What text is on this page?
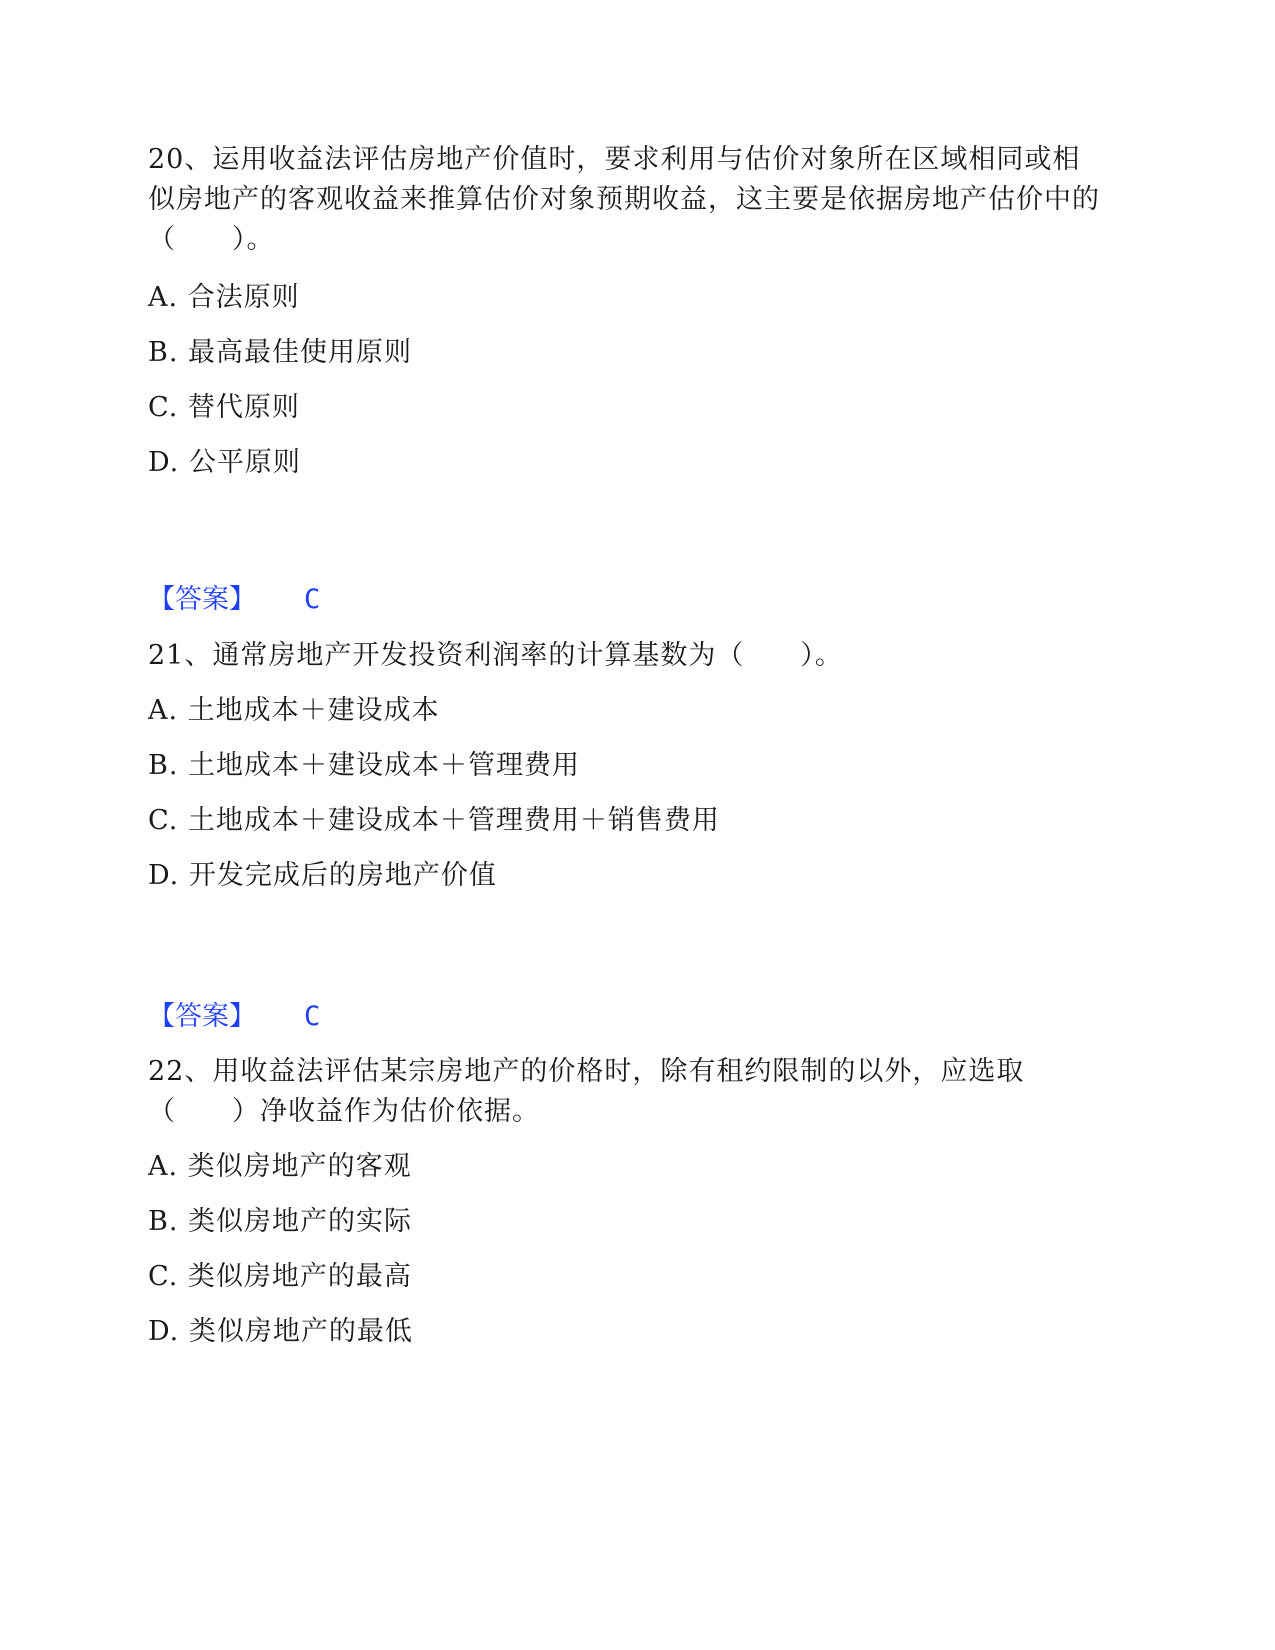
20、运用收益法评估房地产价值时，要求利用与估价对象所在区域相同或相似房地产的客观收益来推算估价对象预期收益，这主要是依据房地产估价中的（　　）。

A. 合法原则

B. 最高最佳使用原则

C. 替代原则

D. 公平原则

【答案】 C

21、通常房地产开发投资利润率的计算基数为（　　）。

A. 土地成本＋建设成本

B. 土地成本＋建设成本＋管理费用

C. 土地成本＋建设成本＋管理费用＋销售费用

D. 开发完成后的房地产价值

【答案】 C

22、用收益法评估某宗房地产的价格时，除有租约限制的以外，应选取（　　）净收益作为估价依据。

A. 类似房地产的客观

B. 类似房地产的实际

C. 类似房地产的最高

D. 类似房地产的最低
